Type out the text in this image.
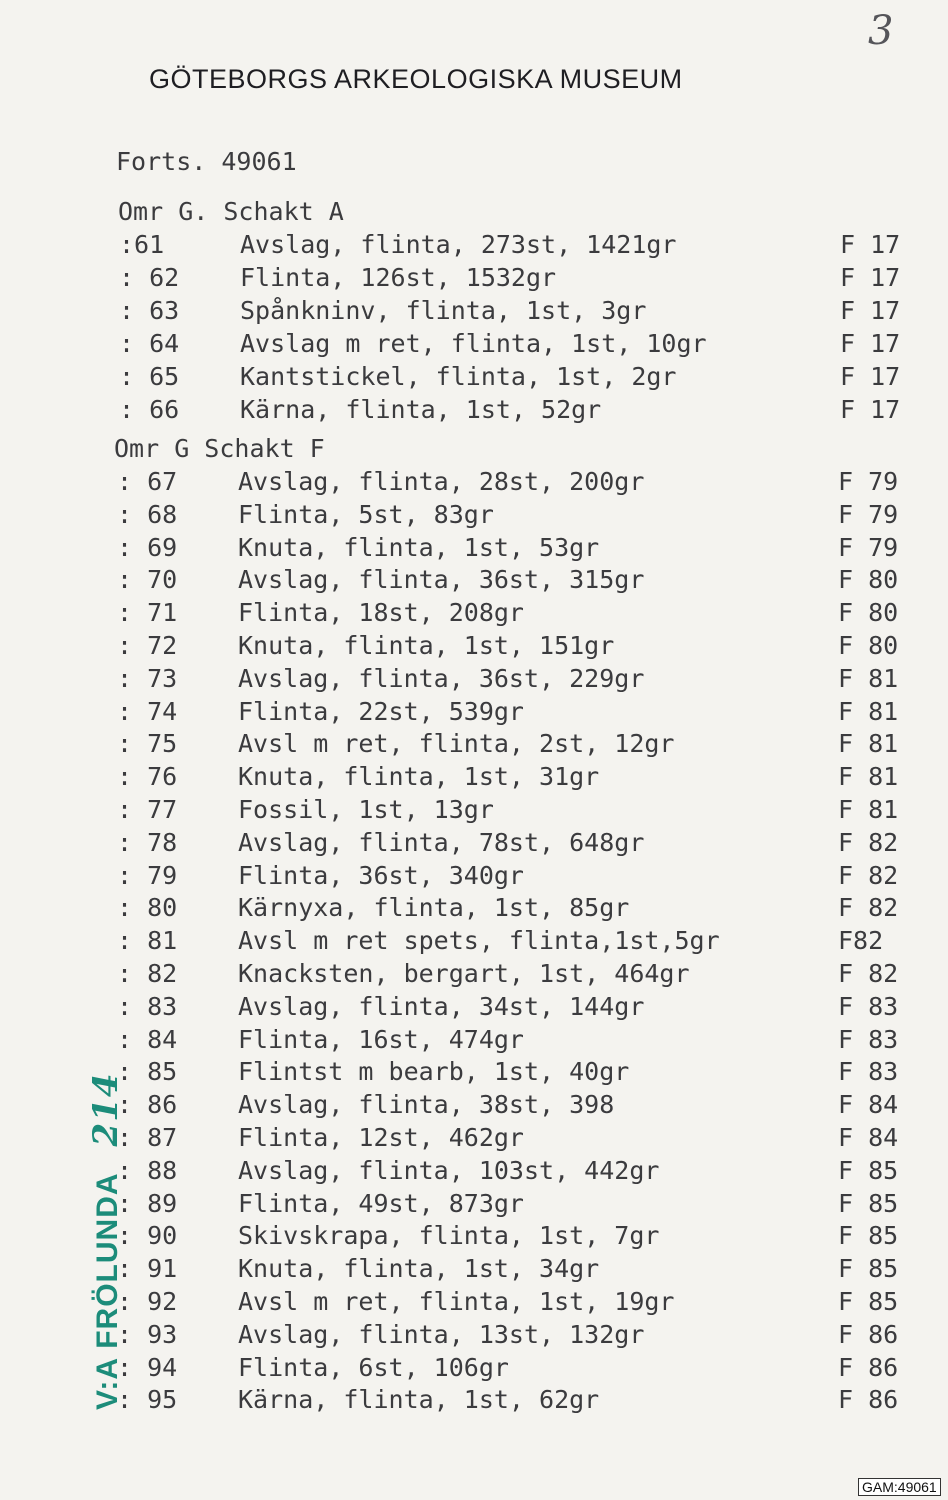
3
GÖTEBORGS ARKEOLOGISKA MUSEUM
Forts. 49061
Omr G. Schakt A
:61	Avslag, flinta, 273st, 1421gr	F 17
: 62 Flinta, 126st, 1532gr	F 17
: 63 Spånkninv, flinta, 1st, 3gr	F 17
: 64 Avslag m ret, flinta, 1st, 10gr	F 17
: 65 Kantstickel, flinta, 1st, 2gr	F 17
: 66 Kärna, flinta, 1st, 52gr	F 17
Omr G Schakt F
: 67 Avslag, flinta, 28st, 200gr	F 79
: 68 Flinta, 5st, 83gr	F 79
: 69 Knuta, flinta, 1st, 53gr	F 79
: 70 Avslag, flinta, 36st, 315gr	F 80
: 71 Flinta, 18st, 208gr	F 80
: 72 Knuta, flinta, 1st, 151gr	F 80
: 73 Avslag, flinta, 36st, 229gr	F 81
: 74 Flinta, 22st, 539gr	F 81
: 75 Avsl m ret, flinta, 2st, 12gr	F 81
: 76 Knuta, flinta, 1st, 31gr	F 81
: 77 Fossil, 1st, 13gr	F 81
: 78 Avslag, flinta, 78st, 648gr	F 82
: 79 Flinta, 36st, 340gr	F 82
: 80 Kärnyxa, flinta, 1st, 85gr	F 82
: 81 Avsl m ret spets, flinta,1st,5gr	F82
: 82 Knacksten, bergart, 1st, 464gr	F 82
: 83 Avslag, flinta, 34st, 144gr	F 83
: 84 Flinta, 16st, 474gr	F 83
: 85 Flintst m bearb, 1st, 40gr	F 83
: 86 Avslag, flinta, 38st, 398	F 84
: 87 Flinta, 12st, 462gr	F 84
: 88 Avslag, flinta, 103st, 442gr	F 85
: 89 Flinta, 49st, 873gr	F 85
: 90 Skivskrapa, flinta, 1st, 7gr	F 85
: 91 Knuta, flinta, 1st, 34gr	F 85
: 92 Avsl m ret, flinta, 1st, 19gr	F 85
: 93 Avslag, flinta, 13st, 132gr	F 86
: 94 Flinta, 6st, 106gr	F 86
: 95 Kärna, flinta, 1st, 62gr	F 86
V:A FRÖLUNDA214
GAM:49061
